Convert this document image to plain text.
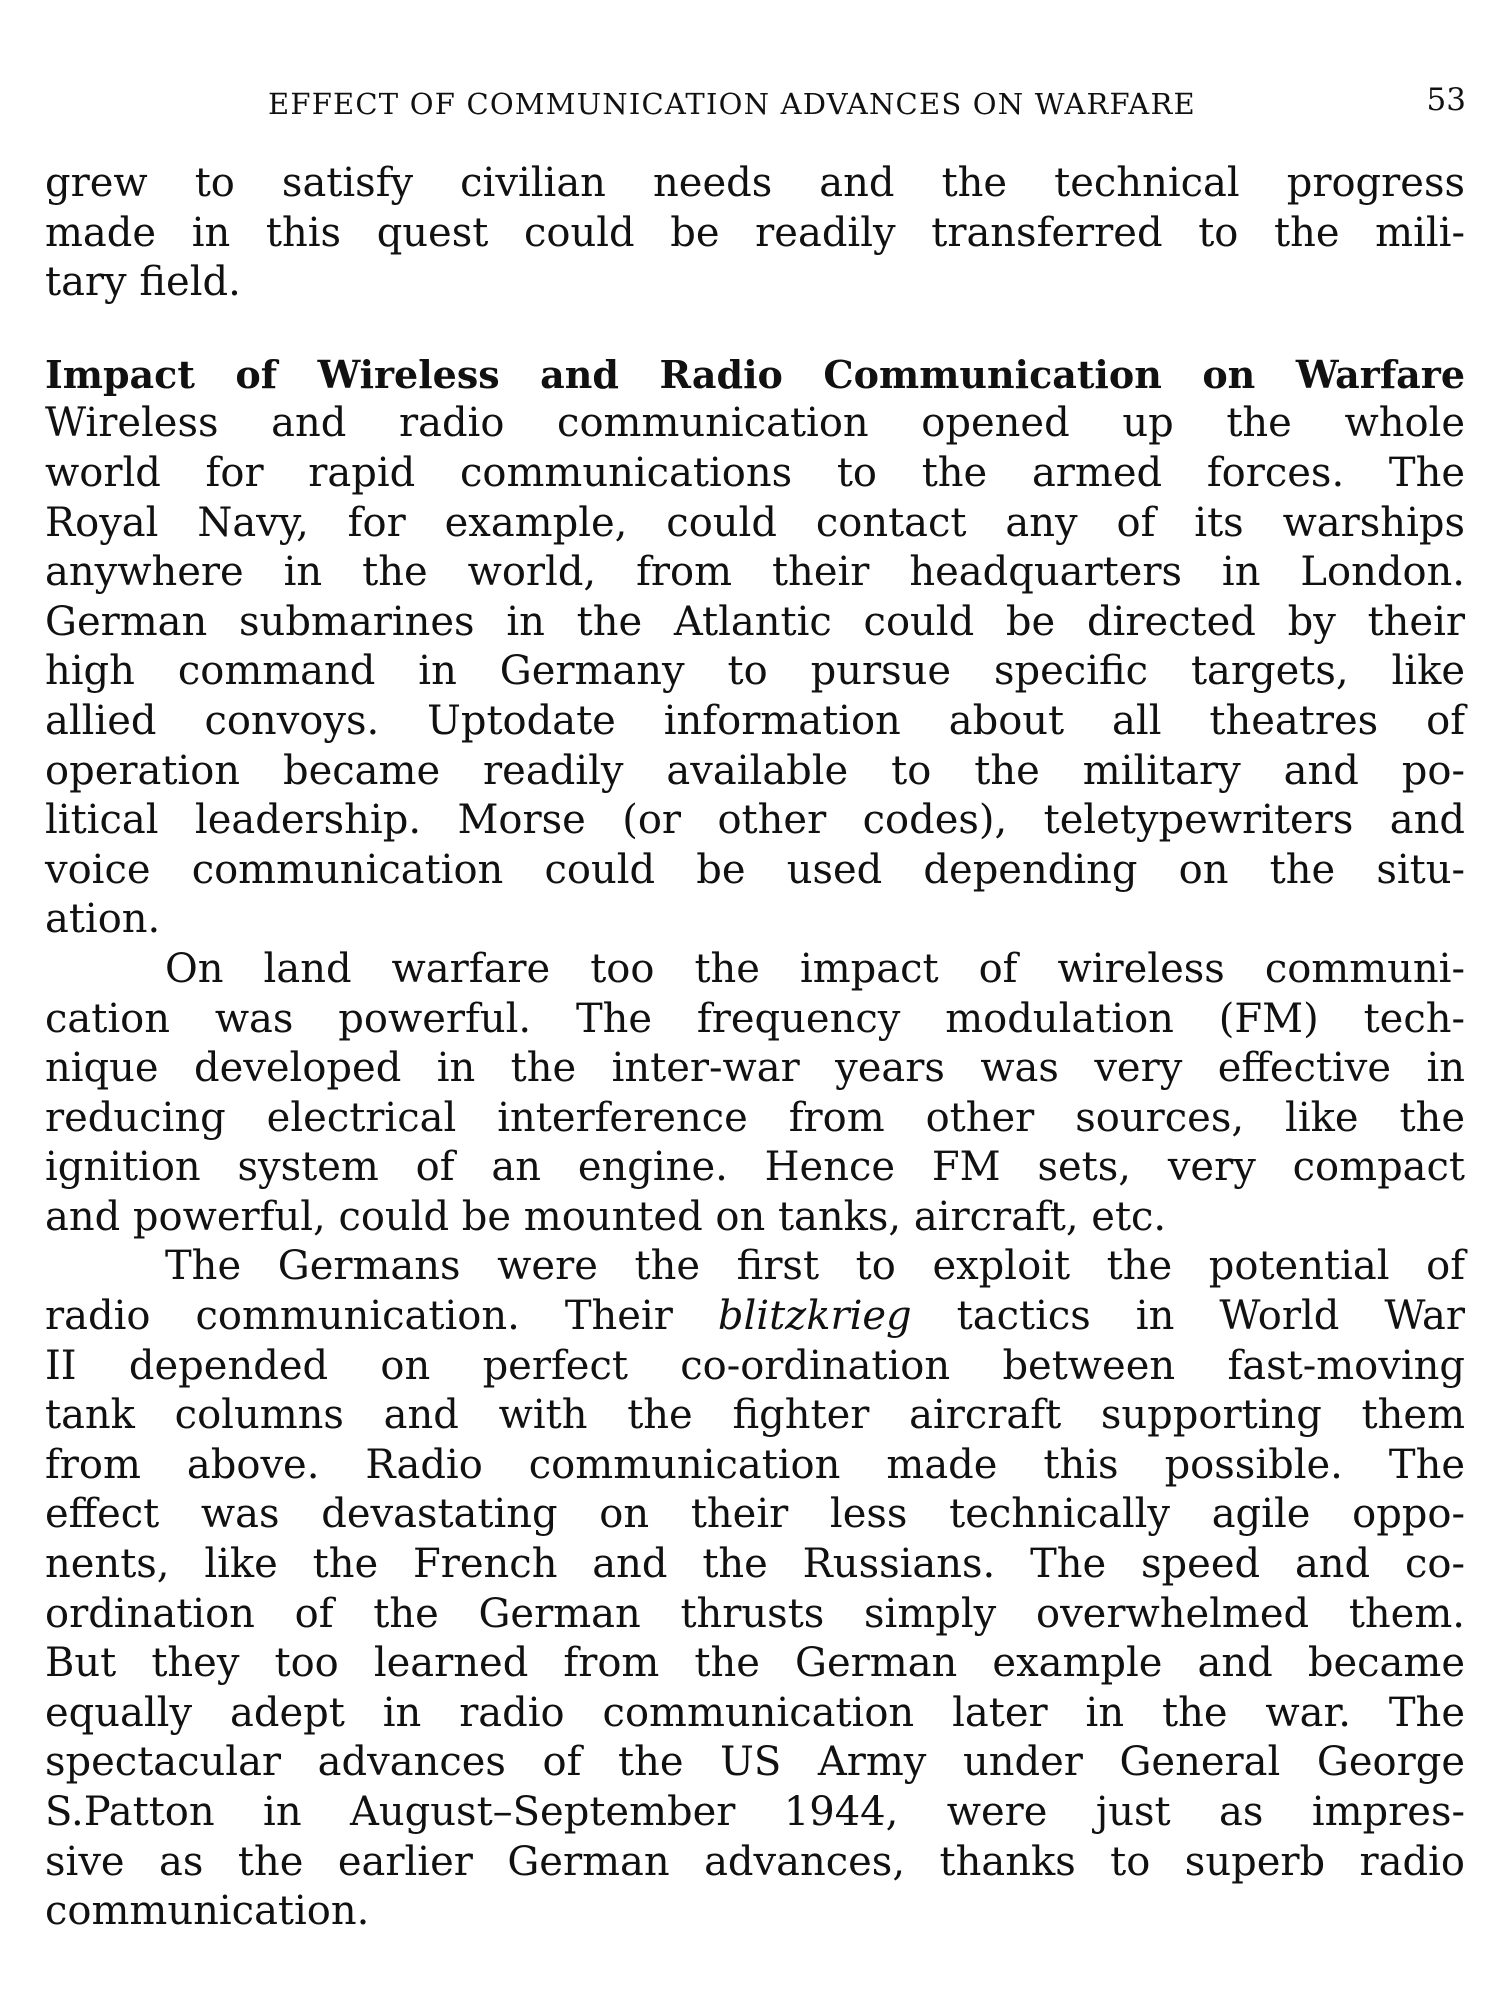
EFFECT OF COMMUNICATION ADVANCES ON WARFARE	53
grew to satisfy civilian needs and the technical progress
made in this quest could be readily transferred to the mili-
tary field.
Impact of Wireless and Radio Communication on Warfare
Wireless and radio communication opened up the whole
world for rapid communications to the armed forces. The
Royal Navy, for example, could contact any of its warships
anywhere in the world, from their headquarters in London.
German submarines in the Atlantic could be directed by their
high command in Germany to pursue specific targets, like
allied convoys. Uptodate information about all theatres of
operation became readily available to the military and po-
litical leadership. Morse (or other codes), teletypewriters and
voice communication could be used depending on the situ-
ation.
On land warfare too the impact of wireless communi-
cation was powerful. The frequency modulation (FM) tech-
nique developed in the inter-war years was very effective in
reducing electrical interference from other sources, like the
ignition system of an engine. Hence FM sets, very compact
and powerful, could be mounted on tanks, aircraft, etc.
The Germans were the first to exploit the potential of
radio communication. Their blitzkrieg tactics in World War
II depended on perfect co-ordination between fast-moving
tank columns and with the fighter aircraft supporting them
from above. Radio communication made this possible. The
effect was devastating on their less technically agile oppo-
nents, like the French and the Russians. The speed and co-
ordination of the German thrusts simply overwhelmed them.
But they too learned from the German example and became
equally adept in radio communication later in the war. The
spectacular advances of the US Army under General George
S.Patton in August–September 1944, were just as impres-
sive as the earlier German advances, thanks to superb radio
communication.
